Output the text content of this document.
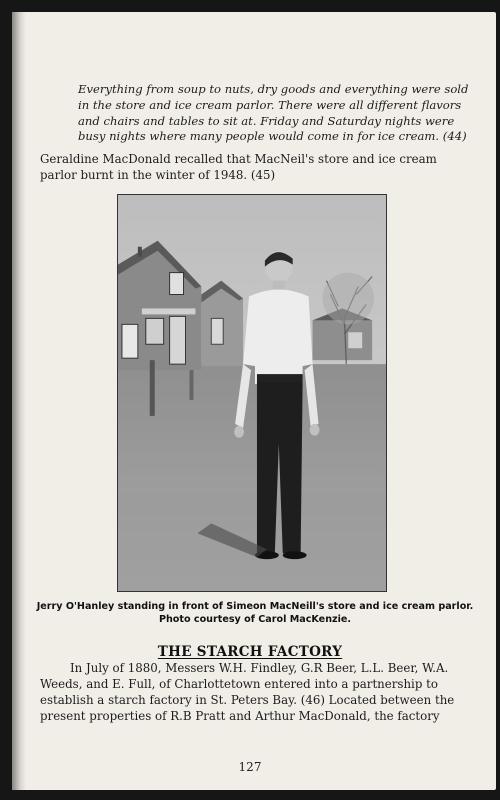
Everything from soup to nuts, dry goods and everything were sold in the store and ice cream parlor. There were all different flavors and chairs and tables to sit at. Friday and Saturday nights were busy nights where many people would come in for ice cream. (44)

Geraldine MacDonald recalled that MacNeil's store and ice cream parlor burnt in the winter of 1948. (45)

Jerry O'Hanley standing in front of Simeon MacNeill's store and ice cream parlor.
Photo courtesy of Carol MacKenzie.
THE STARCH FACTORY

In July of 1880, Messers W.H. Findley, G.R Beer, L.L. Beer, W.A. Weeds, and E. Full, of Charlottetown entered into a partnership to establish a starch factory in St. Peters Bay. (46) Located between the present properties of R.B Pratt and Arthur MacDonald, the factory

127
